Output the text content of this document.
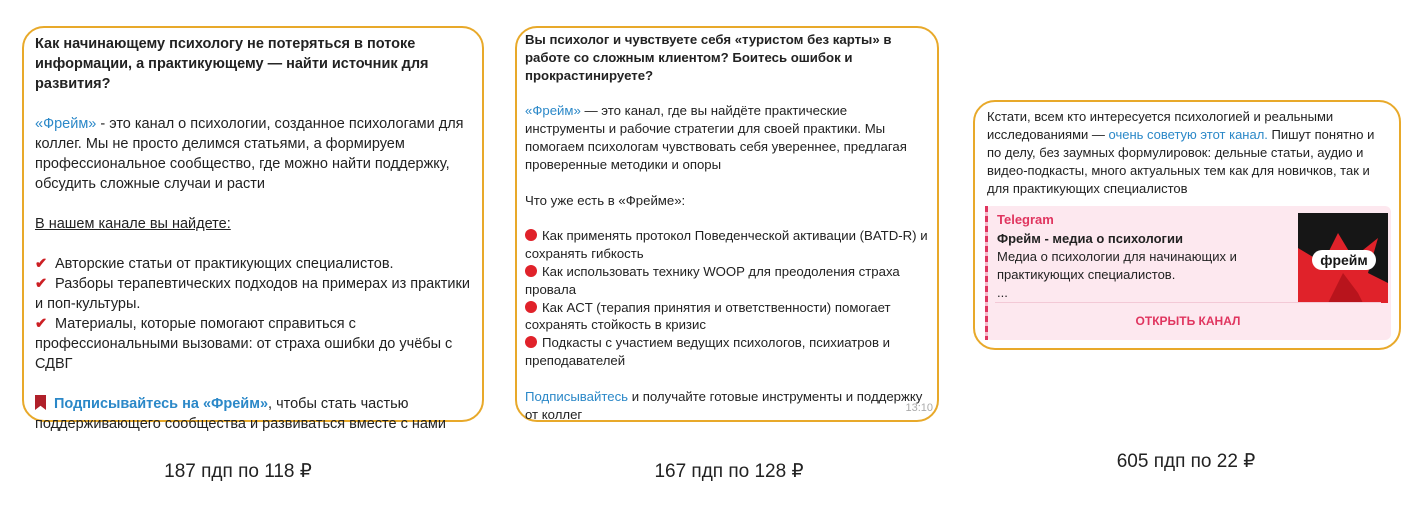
Как начинающему психологу не потеряться в потоке информации, а практикующему — найти источник для развития?

«Фрейм» - это канал о психологии, созданное психологами для коллег. Мы не просто делимся статьями, а формируем профессиональное сообщество, где можно найти поддержку, обсудить сложные случаи и расти

В нашем канале вы найдете:

✔ Авторские статьи от практикующих специалистов.

✔ Разборы терапевтических подходов на примерах из практики и поп-культуры.

✔ Материалы, которые помогают справиться с профессиональными вызовами: от страха ошибки до учёбы с СДВГ

Подписывайтесь на «Фрейм», чтобы стать частью поддерживающего сообщества и развиваться вместе с нами

Вы психолог и чувствуете себя «туристом без карты» в работе со сложным клиентом? Боитесь ошибок и прокрастинируете?

«Фрейм» — это канал, где вы найдёте практические инструменты и рабочие стратегии для своей практики. Мы помогаем психологам чувствовать себя увереннее, предлагая проверенные методики и опоры

Что уже есть в «Фрейме»:

Как применять протокол Поведенческой активации (BATD-R) и сохранять гибкость

Как использовать технику WOOP для преодоления страха провала

Как ACT (терапия принятия и ответственности) помогает сохранять стойкость в кризис

Подкасты с участием ведущих психологов, психиатров и преподавателей

Подписывайтесь и получайте готовые инструменты и поддержку от коллег	13:10

Кстати, всем кто интересуется психологией и реальными исследованиями — очень советую этот канал. Пишут понятно и по делу, без заумных формулировок: дельные статьи, аудио и видео-подкасты, много актуальных тем как для новичков, так и для практикующих специалистов

Telegram
Фрейм - медиа о психологии
Медиа о психологии для начинающих и практикующих специалистов.
...
фрейм
ОТКРЫТЬ КАНАЛ
187 пдп по 118 ₽	167 пдп по 128 ₽	605 пдп по 22 ₽
